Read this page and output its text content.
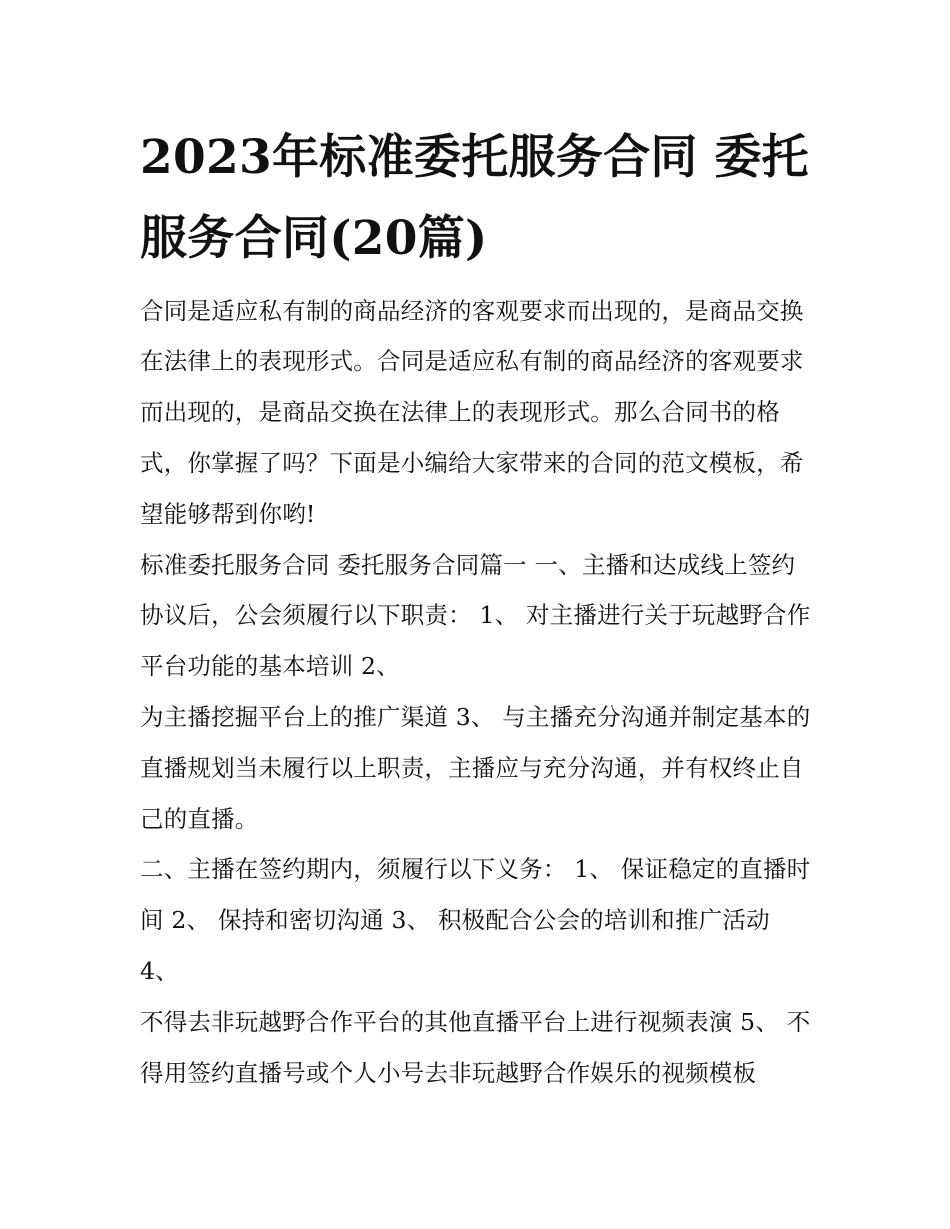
2023年标准委托服务合同 委托服务合同(20篇)

合同是适应私有制的商品经济的客观要求而出现的，是商品交换在法律上的表现形式。合同是适应私有制的商品经济的客观要求而出现的，是商品交换在法律上的表现形式。那么合同书的格式，你掌握了吗？下面是小编给大家带来的合同的范文模板，希望能够帮到你哟!

标准委托服务合同 委托服务合同篇一 一、主播和达成线上签约协议后，公会须履行以下职责： 1、 对主播进行关于玩越野合作平台功能的基本培训 2、

为主播挖掘平台上的推广渠道 3、 与主播充分沟通并制定基本的直播规划当未履行以上职责，主播应与充分沟通，并有权终止自己的直播。

二、主播在签约期内，须履行以下义务： 1、 保证稳定的直播时间 2、 保持和密切沟通 3、 积极配合公会的培训和推广活动 4、

不得去非玩越野合作平台的其他直播平台上进行视频表演 5、 不得用签约直播号或个人小号去非玩越野合作娱乐的视频模板
